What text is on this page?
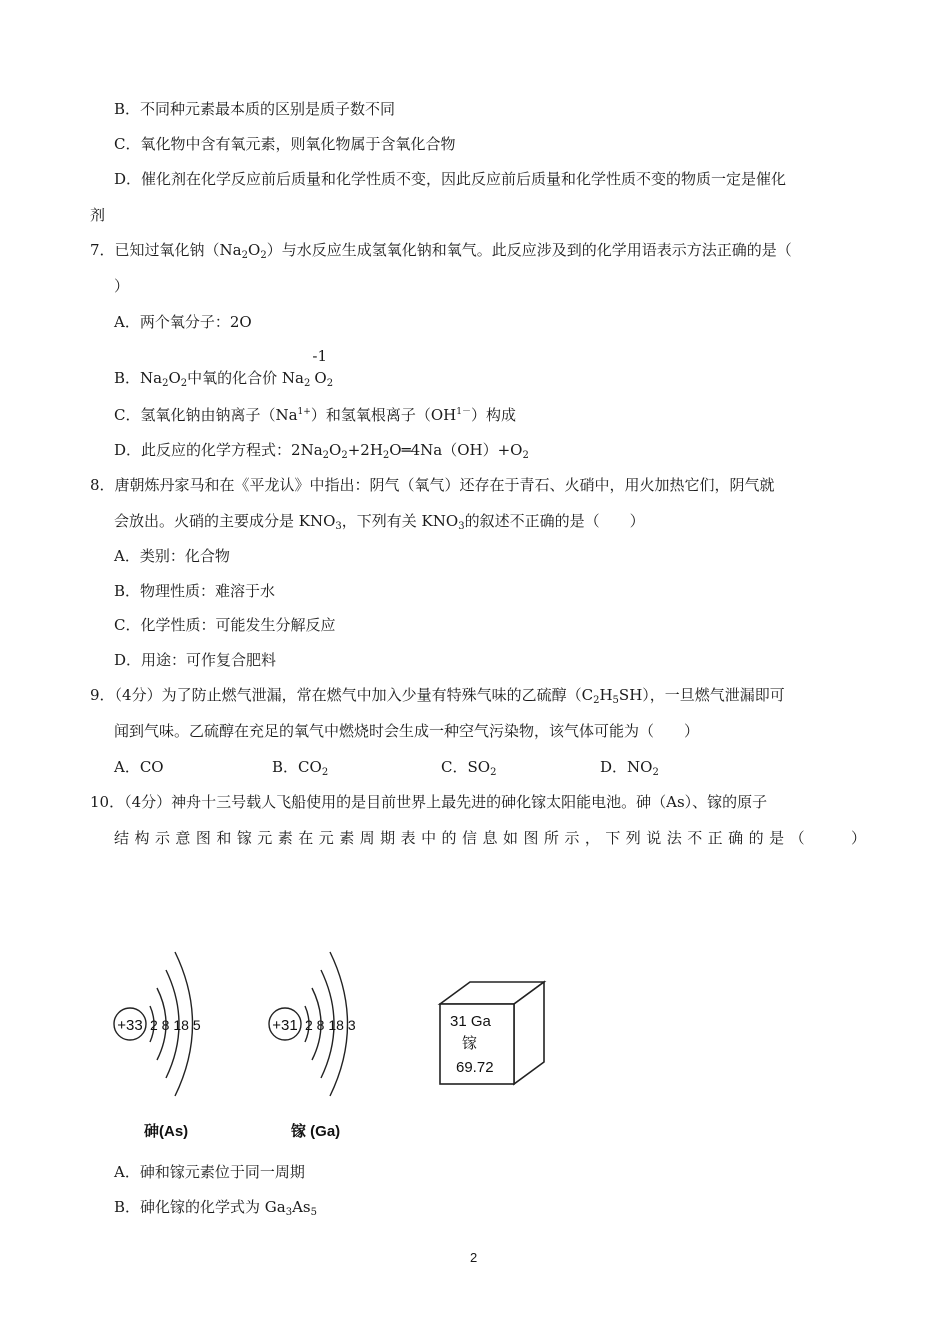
B．不同种元素最本质的区别是质子数不同
C．氧化物中含有氧元素，则氧化物属于含氧化合物
D．催化剂在化学反应前后质量和化学性质不变，因此反应前后质量和化学性质不变的物质一定是催化
剂
7．已知过氧化钠$(Na_2O_2)$与水反应生成氢氧化钠和氧气。此反应涉及到的化学用语表示方法正确的是（
）
A．两个氧分子：2O
B．$Na_2O_2$中氧的化合价 $Na_2$
-1
$O_2$
C．氢氧化钠由钠离子$(Na^{1+})$和氢氧根离子$(OH^{1-})$构成
D．此反应的化学方程式：$2Na_2O_2+2H_2O═4Na(OH)+O_2$
8．唐朝炼丹家马和在《平龙认》中指出：阴气（氧气）还存在于青石、火硝中，用火加热它们，阴气就
会放出。火硝的主要成分是 $KNO_3$，下列有关 $KNO_3$的叙述不正确的是（　　）
A．类别：化合物
B．物理性质：难溶于水
C．化学性质：可能发生分解反应
D．用途：可作复合肥料
9．（4分）为了防止燃气泄漏，常在燃气中加入少量有特殊气味的乙硫醇$(C_2H_5SH)$，一旦燃气泄漏即可
闻到气味。乙硫醇在充足的氧气中燃烧时会生成一种空气污染物，该气体可能为（　　）
A．CO	B．$CO_2$	C．$SO_2$	D．$NO_2$
10．（4分）神舟十三号载人飞船使用的是目前世界上最先进的砷化镓太阳能电池。砷（As）、镓的原子
结构示意图和镓元素在元素周期表中的信息如图所示，下列说法不正确的是（　　）
+33 2 8 18 5
砷(As)
+31 2 8 18 3
镓 (Ga)
31 Ga
镓
69.72
A．砷和镓元素位于同一周期
B．砷化镓的化学式为 $Ga_3As_5$
2
